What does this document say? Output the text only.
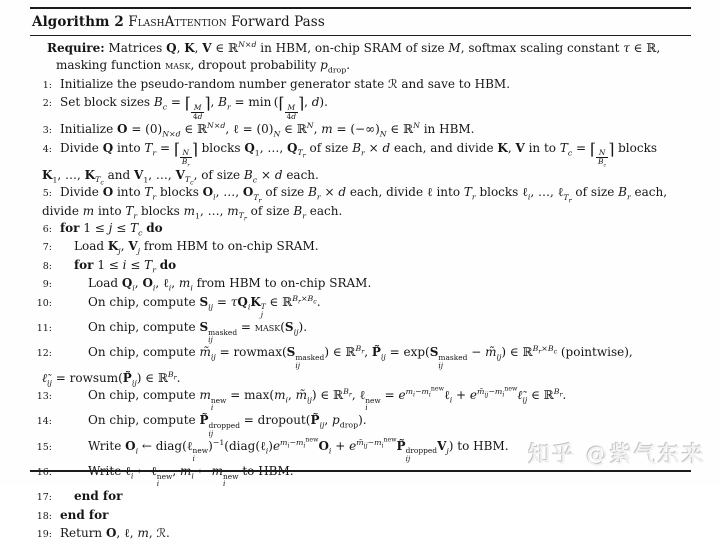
Algorithm 2 FlashAttention Forward Pass
Require: Matrices Q, K, V ∈ ℝ$^{N\times d}$ in HBM, on-chip SRAM of size M, softmax scaling constant τ ∈ ℝ,
masking function mask, dropout probability $p_{drop}$.
1: Initialize the pseudo-random number generator state ℛ and save to HBM.
2: Set block sizes $B_c$ = ⌈ $\frac{M}{4d}$ ⌉, $B_r = \min$ (⌈ $\frac{M}{4d}$ ⌉, d).
3: Initialize $O = (0)_{N\times d}$ ∈ ℝ$^{N\times d}$, ℓ = $(0)_N$ ∈ ℝ$^N$, $m = (-\infty)_N$ ∈ ℝ$^N$ in HBM.
4: Divide Q into $T_r$ = ⌈ $\frac{N}{B_r}$ ⌉ blocks $Q_1$, …, $Q_{T_r}$ of size $B_r \times d$ each, and divide K, V in to $T_c$ = ⌈ $\frac{N}{B_c}$ ⌉ blocks
$K_1$, …, $K_{T_c}$ and $V_1$, …, $V_{T_c}$, of size $B_c \times d$ each.
5: Divide O into $T_r$ blocks $O_i$, …, $O_{T_r}$ of size $B_r \times d$ each, divide ℓ into $T_r$ blocks ℓ$_i$, …, ℓ$_{T_r}$ of size $B_r$ each,
divide m into $T_r$ blocks $m_1$, …, $m_{T_r}$ of size $B_r$ each.
6: for $1 \le j \le T_c$ do
7:	Load $K_j$, $V_j$ from HBM to on-chip SRAM.
8:	for $1 \le i \le T_r$ do
9:	Load $Q_i$, $O_i$, ℓ$_i$, $m_i$ from HBM to on-chip SRAM.
10:	On chip, compute $S_{ij} = \tau Q_iK$ T
j
∈ ℝ$^{B_r\times B_c}$.
11:	On chip, compute S masked
ij
= $mask(S_{ij})$.
12:	On chip, compute $m̃_{ij} = rowmax(S$ masked
ij
) ∈ ℝ$^{B_r}$, $P̃_{ij} = \exp(S$ masked
ij
− $m̃_{ij}$) ∈ ℝ$^{B_r\times B_c}$ (pointwise),
$\ell̃_{ij}$ = $rowsum(P̃_{ij})$ ∈ ℝ$^{B_r}$.
13:	On chip, compute m new
i
= $\max(m_i$, $m̃_{ij}$) ∈ ℝ$^{B_r}$, ℓ new
i
= $e^{m_i-m_i^{new}}\ell_i$ + $e^{m̃_{ij}-m_i^{new}}\ell̃_{ij}$ ∈ ℝ$^{B_r}$.
14:	On chip, compute P̃ dropped
ij
= $dropout(P̃_{ij}$, $p_{drop}$).
15:	Write $O_i$ ← diag(ℓ new
i
)$^{-1}(diag(\ell_i)e^{m_i-m_i^{new}}O_i$ + $e^{m̃_{ij}-m_i^{new}}P̃$ dropped
ij
$V_j$) to HBM.
16:	Write ℓ$_i$ ← ℓ new
i
, $m_i$ ← m new
i
to HBM.
17:	end for
18: end for
19: Return O, ℓ, m, ℛ.
知乎 @紫气东来
